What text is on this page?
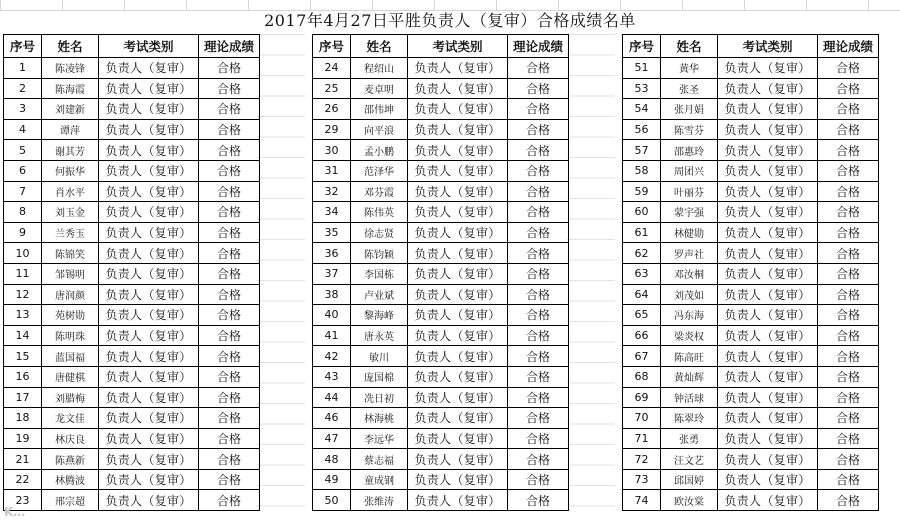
2017年4月27日平胜负责人（复审）合格成绩名单
序号	姓名	考试类别	理论成绩
1	陈凌锋	负责人（复审）	合格
2	陈海霞	负责人（复审）	合格
3	刘建新	负责人（复审）	合格
4	谭萍	负责人（复审）	合格
5	谢其芳	负责人（复审）	合格
6	何振华	负责人（复审）	合格
7	肖水平	负责人（复审）	合格
8	刘玉金	负责人（复审）	合格
9	兰秀玉	负责人（复审）	合格
10	陈锦笑	负责人（复审）	合格
11	邹锡明	负责人（复审）	合格
12	唐润颜	负责人（复审）	合格
13	苑树勋	负责人（复审）	合格
14	陈明珠	负责人（复审）	合格
15	蓝国福	负责人（复审）	合格
16	唐健棋	负责人（复审）	合格
17	刘腊梅	负责人（复审）	合格
18	龙文佳	负责人（复审）	合格
19	林庆良	负责人（复审）	合格
21	陈燕新	负责人（复审）	合格
22	林腾波	负责人（复审）	合格
23	邢宗超	负责人（复审）	合格
序号	姓名	考试类别	理论成绩
24	程绍山	负责人（复审）	合格
25	麦卓明	负责人（复审）	合格
26	邵伟坤	负责人（复审）	合格
29	向平浪	负责人（复审）	合格
30	孟小鹏	负责人（复审）	合格
31	范泽华	负责人（复审）	合格
32	邓芬霞	负责人（复审）	合格
34	陈伟英	负责人（复审）	合格
35	徐志贤	负责人（复审）	合格
36	陈钧颖	负责人（复审）	合格
37	李国栋	负责人（复审）	合格
38	卢业斌	负责人（复审）	合格
40	黎海峰	负责人（复审）	合格
41	唐永英	负责人（复审）	合格
42	敏川	负责人（复审）	合格
43	庞国棉	负责人（复审）	合格
44	冼日初	负责人（复审）	合格
46	林海桃	负责人（复审）	合格
47	李远华	负责人（复审）	合格
48	蔡志福	负责人（复审）	合格
49	童成钢	负责人（复审）	合格
50	张维涛	负责人（复审）	合格
序号	姓名	考试类别	理论成绩
51	黄华	负责人（复审）	合格
53	张圣	负责人（复审）	合格
54	张月娟	负责人（复审）	合格
56	陈雪芬	负责人（复审）	合格
57	邵惠玲	负责人（复审）	合格
58	周团兴	负责人（复审）	合格
59	叶丽芬	负责人（复审）	合格
60	蒙宇强	负责人（复审）	合格
61	林健勋	负责人（复审）	合格
62	罗声社	负责人（复审）	合格
63	邓汝桐	负责人（复审）	合格
64	刘茂如	负责人（复审）	合格
65	冯东海	负责人（复审）	合格
66	梁炎权	负责人（复审）	合格
67	陈高旺	负责人（复审）	合格
68	黄灿辉	负责人（复审）	合格
69	钟活球	负责人（复审）	合格
70	陈翠玲	负责人（复审）	合格
71	张勇	负责人（复审）	合格
72	汪文艺	负责人（复审）	合格
73	邱国婷	负责人（复审）	合格
74	欧汝棠	负责人（复审）	合格
K…
